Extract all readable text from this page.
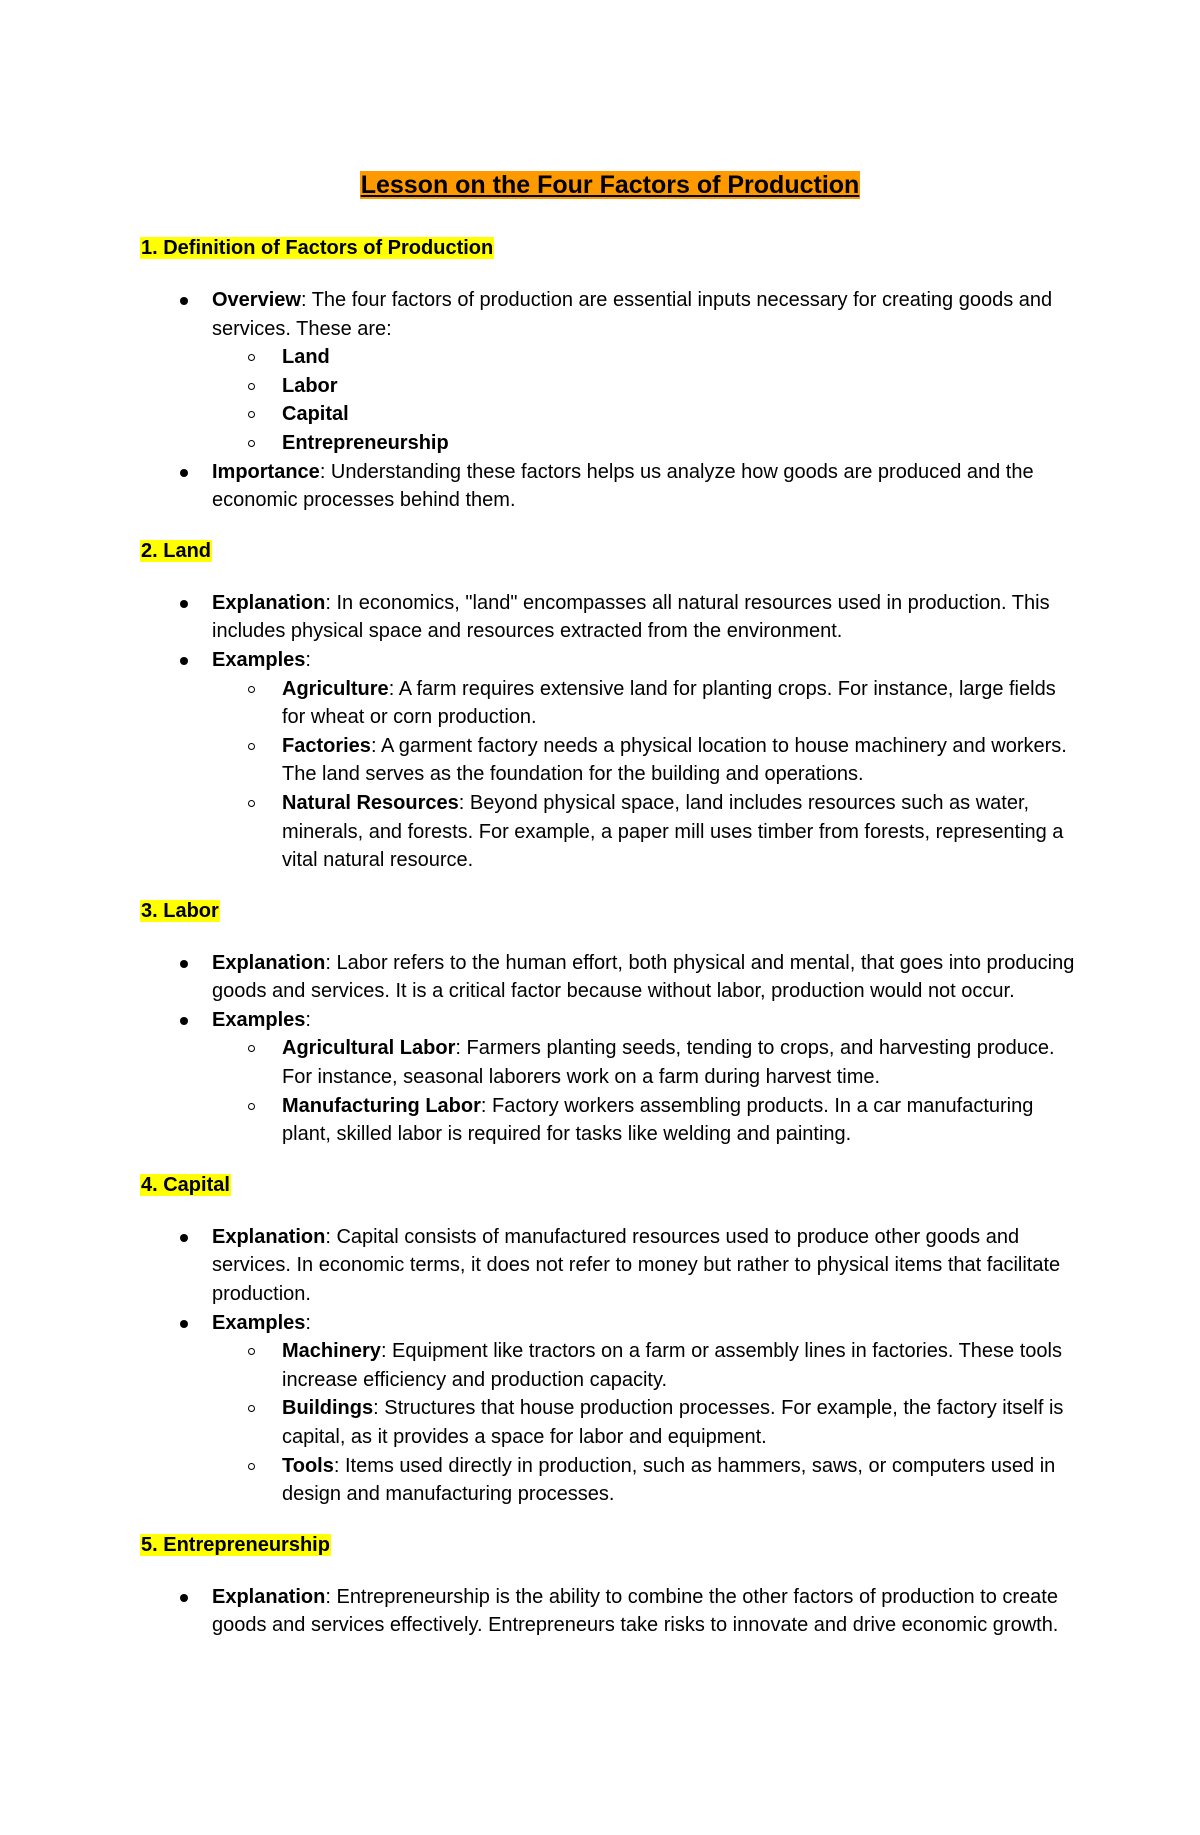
Lesson on the Four Factors of Production
1. Definition of Factors of Production
Overview: The four factors of production are essential inputs necessary for creating goods and services. These are:
Land
Labor
Capital
Entrepreneurship
Importance: Understanding these factors helps us analyze how goods are produced and the economic processes behind them.
2. Land
Explanation: In economics, "land" encompasses all natural resources used in production. This includes physical space and resources extracted from the environment.
Examples:
Agriculture: A farm requires extensive land for planting crops. For instance, large fields for wheat or corn production.
Factories: A garment factory needs a physical location to house machinery and workers. The land serves as the foundation for the building and operations.
Natural Resources: Beyond physical space, land includes resources such as water, minerals, and forests. For example, a paper mill uses timber from forests, representing a vital natural resource.
3. Labor
Explanation: Labor refers to the human effort, both physical and mental, that goes into producing goods and services. It is a critical factor because without labor, production would not occur.
Examples:
Agricultural Labor: Farmers planting seeds, tending to crops, and harvesting produce. For instance, seasonal laborers work on a farm during harvest time.
Manufacturing Labor: Factory workers assembling products. In a car manufacturing plant, skilled labor is required for tasks like welding and painting.
4. Capital
Explanation: Capital consists of manufactured resources used to produce other goods and services. In economic terms, it does not refer to money but rather to physical items that facilitate production.
Examples:
Machinery: Equipment like tractors on a farm or assembly lines in factories. These tools increase efficiency and production capacity.
Buildings: Structures that house production processes. For example, the factory itself is capital, as it provides a space for labor and equipment.
Tools: Items used directly in production, such as hammers, saws, or computers used in design and manufacturing processes.
5. Entrepreneurship
Explanation: Entrepreneurship is the ability to combine the other factors of production to create goods and services effectively. Entrepreneurs take risks to innovate and drive economic growth.
